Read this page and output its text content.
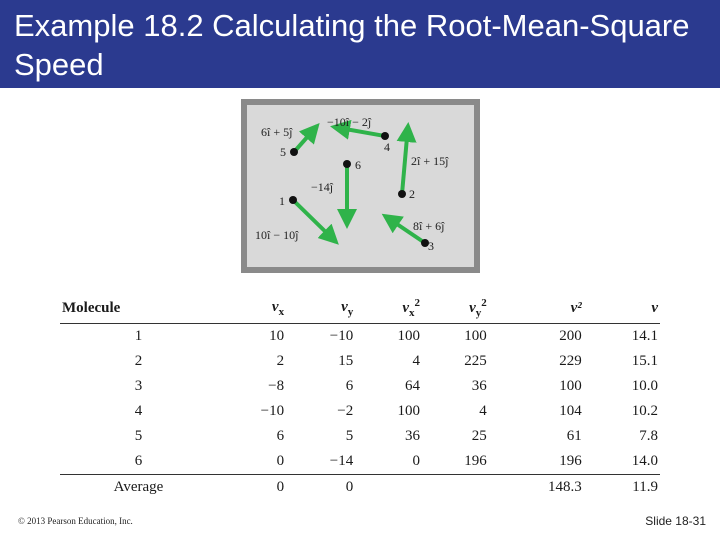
Example 18.2 Calculating the Root-Mean-Square Speed
6î + 5ĵ
5
−10î − 2ĵ
4
6	2î + 15ĵ
2
−14ĵ
1
10î − 10ĵ
8î + 6ĵ
3
Molecule	$v_x$	$v_y$	$v_x^2$	$v_y^2$	v²	v
1	10	−10	100	100	200	14.1
2	2	15	4	225	229	15.1
3	−8	6	64	36	100	10.0
4	−10	−2	100	4	104	10.2
5	6	5	36	25	61	7.8
6	0	−14	0	196	196	14.0
Average	0	0			148.3	11.9
© 2013 Pearson Education, Inc.	Slide 18-31
